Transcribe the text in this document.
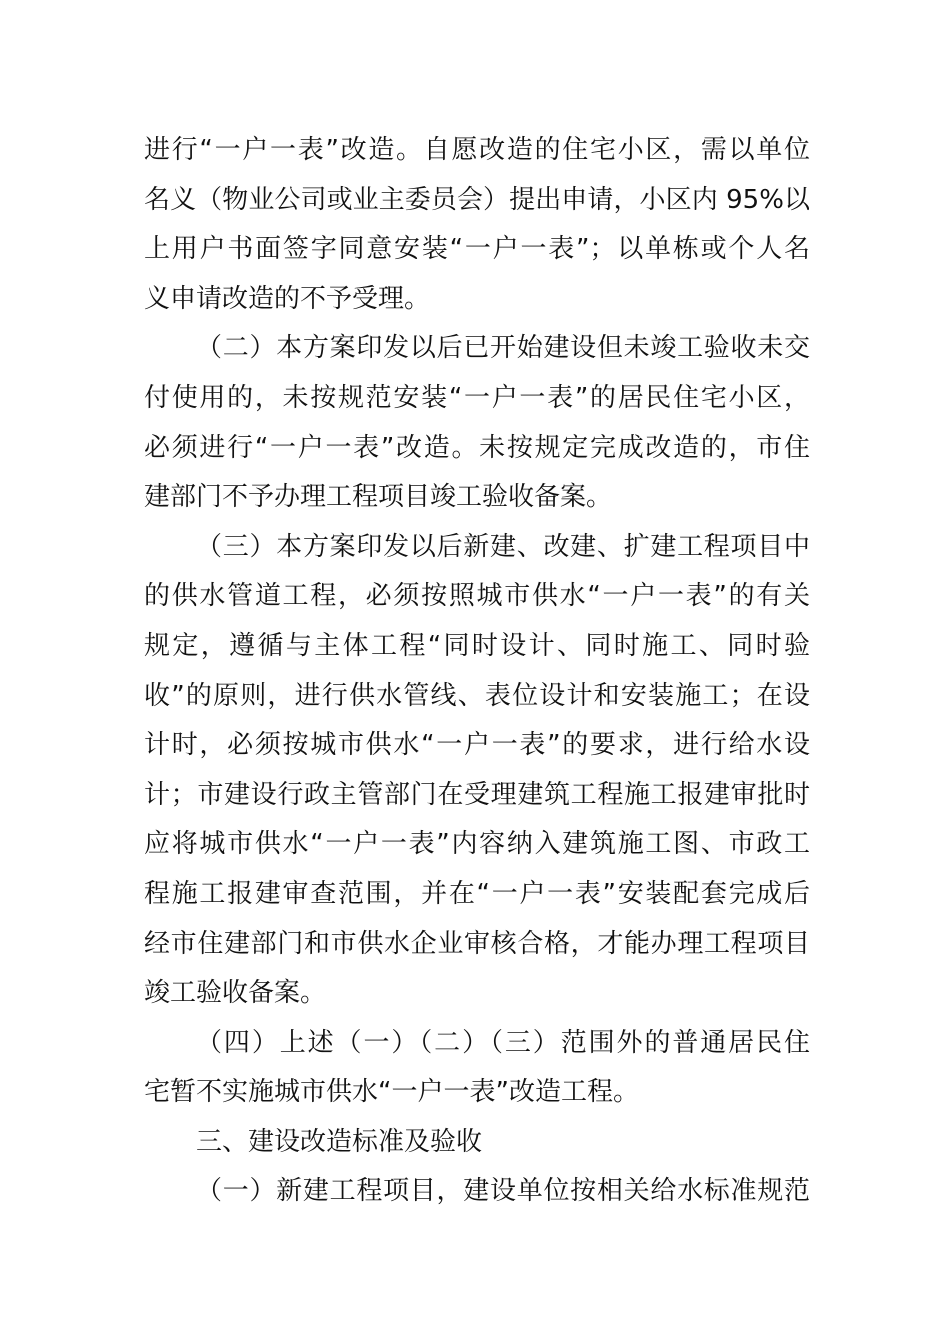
进行“一户一表”改造。自愿改造的住宅小区，需以单位
名义（物业公司或业主委员会）提出申请，小区内 95%以
上用户书面签字同意安装“一户一表”；以单栋或个人名
义申请改造的不予受理。
（二）本方案印发以后已开始建设但未竣工验收未交
付使用的，未按规范安装“一户一表”的居民住宅小区，
必须进行“一户一表”改造。未按规定完成改造的，市住
建部门不予办理工程项目竣工验收备案。
（三）本方案印发以后新建、改建、扩建工程项目中
的供水管道工程，必须按照城市供水“一户一表”的有关
规定，遵循与主体工程“同时设计、同时施工、同时验
收”的原则，进行供水管线、表位设计和安装施工；在设
计时，必须按城市供水“一户一表”的要求，进行给水设
计；市建设行政主管部门在受理建筑工程施工报建审批时
应将城市供水“一户一表”内容纳入建筑施工图、市政工
程施工报建审查范围，并在“一户一表”安装配套完成后
经市住建部门和市供水企业审核合格，才能办理工程项目
竣工验收备案。
（四）上述（一）（二）（三）范围外的普通居民住
宅暂不实施城市供水“一户一表”改造工程。
三、建设改造标准及验收
（一）新建工程项目，建设单位按相关给水标准规范
